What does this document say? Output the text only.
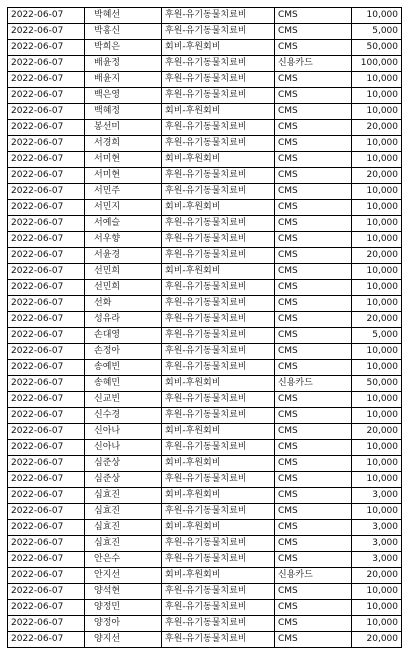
2022-06-07	박혜선	후원-유기동물치료비	CMS	10,000
2022-06-07	박홍신	후원-유기동물치료비	CMS	5,000
2022-06-07	박희은	회비-후원회비	CMS	50,000
2022-06-07	배윤정	후원-유기동물치료비	신용카드	100,000
2022-06-07	배윤지	후원-유기동물치료비	CMS	10,000
2022-06-07	백은영	후원-유기동물치료비	CMS	10,000
2022-06-07	백혜정	회비-후원회비	CMS	10,000
2022-06-07	봉선미	후원-유기동물치료비	CMS	20,000
2022-06-07	서경희	후원-유기동물치료비	CMS	10,000
2022-06-07	서미현	회비-후원회비	CMS	10,000
2022-06-07	서미현	후원-유기동물치료비	CMS	20,000
2022-06-07	서민주	후원-유기동물치료비	CMS	10,000
2022-06-07	서민지	회비-후원회비	CMS	10,000
2022-06-07	서예슬	후원-유기동물치료비	CMS	10,000
2022-06-07	서우향	후원-유기동물치료비	CMS	10,000
2022-06-07	서윤경	후원-유기동물치료비	CMS	20,000
2022-06-07	선민희	회비-후원회비	CMS	10,000
2022-06-07	선민희	후원-유기동물치료비	CMS	10,000
2022-06-07	선화	후원-유기동물치료비	CMS	10,000
2022-06-07	성유라	후원-유기동물치료비	CMS	20,000
2022-06-07	손대영	후원-유기동물치료비	CMS	5,000
2022-06-07	손정아	후원-유기동물치료비	CMS	10,000
2022-06-07	송예빈	후원-유기동물치료비	CMS	10,000
2022-06-07	송혜민	회비-후원회비	신용카드	50,000
2022-06-07	신교빈	후원-유기동물치료비	CMS	10,000
2022-06-07	신수경	후원-유기동물치료비	CMS	10,000
2022-06-07	신아나	회비-후원회비	CMS	20,000
2022-06-07	신아나	후원-유기동물치료비	CMS	10,000
2022-06-07	심준상	회비-후원회비	CMS	10,000
2022-06-07	심준상	후원-유기동물치료비	CMS	10,000
2022-06-07	심효진	회비-후원회비	CMS	3,000
2022-06-07	심효진	후원-유기동물치료비	CMS	10,000
2022-06-07	심효진	회비-후원회비	CMS	3,000
2022-06-07	심효진	후원-유기동물치료비	CMS	3,000
2022-06-07	안은수	후원-유기동물치료비	CMS	3,000
2022-06-07	안지선	회비-후원회비	신용카드	20,000
2022-06-07	양석현	후원-유기동물치료비	CMS	10,000
2022-06-07	양정민	후원-유기동물치료비	CMS	10,000
2022-06-07	양정아	후원-유기동물치료비	CMS	10,000
2022-06-07	양지선	후원-유기동물치료비	CMS	20,000
